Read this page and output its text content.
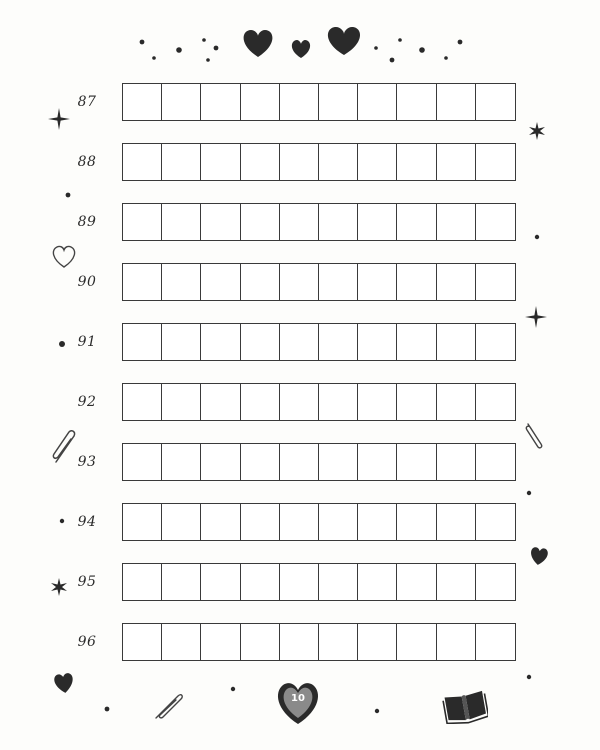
10
87
88
89
90
91
92
93
94
95
96
